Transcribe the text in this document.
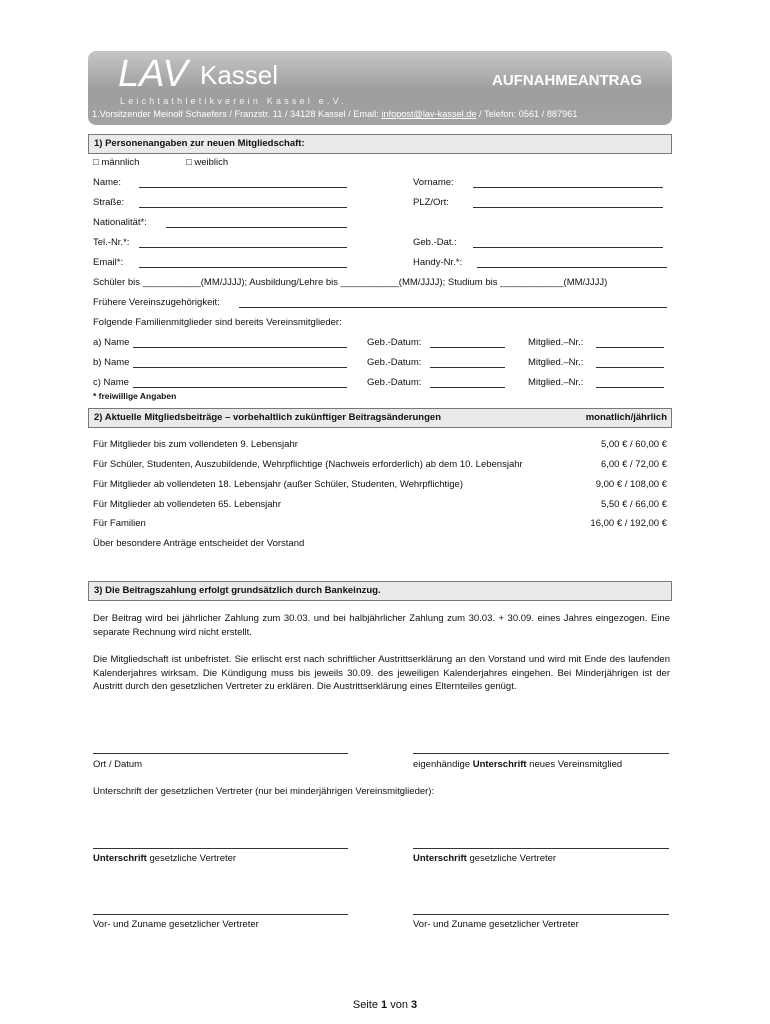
LAV Kassel
Leichtathletikverein Kassel e.V.
AUFNAHMEANTRAG
1.Vorsitzender Meinolf Schaefers / Franzstr. 11 / 34128 Kassel / Email: infopost@lav-kassel.de / Telefon: 0561 / 887961
1) Personenangaben zur neuen Mitgliedschaft:
□ männlich	□ weiblich
Name:	Vorname:
Straße:	PLZ/Ort:
Nationalität*:
Tel.-Nr.*:	Geb.-Dat.:
Email*:	Handy-Nr.*:
Schüler bis ___________(MM/JJJJ); Ausbildung/Lehre bis ___________(MM/JJJJ); Studium bis ____________(MM/JJJJ)
Frühere Vereinszugehörigkeit:
Folgende Familienmitglieder sind bereits Vereinsmitglieder:
a) Name	Geb.-Datum:	Mitglied.–Nr.:
b) Name	Geb.-Datum:	Mitglied.–Nr.:
c) Name	Geb.-Datum:	Mitglied.–Nr.:
* freiwillige Angaben
2) Aktuelle Mitgliedsbeiträge – vorbehaltlich zukünftiger Beitragsänderungen	monatlich/jährlich
Für Mitglieder bis zum vollendeten 9. Lebensjahr	5,00 € / 60,00 €
Für Schüler, Studenten, Auszubildende, Wehrpflichtige (Nachweis erforderlich) ab dem 10. Lebensjahr	6,00 € / 72,00 €
Für Mitglieder ab vollendeten 18. Lebensjahr (außer Schüler, Studenten, Wehrpflichtige)	9,00 € / 108,00 €
Für Mitglieder ab vollendeten 65. Lebensjahr	5,50 € / 66,00 €
Für Familien	16,00 € / 192,00 €
Über besondere Anträge entscheidet der Vorstand
3) Die Beitragszahlung erfolgt grundsätzlich durch Bankeinzug.
Der Beitrag wird bei jährlicher Zahlung zum 30.03. und bei halbjährlicher Zahlung zum 30.03. + 30.09. eines Jahres eingezogen. Eine separate Rechnung wird nicht erstellt.
Die Mitgliedschaft ist unbefristet. Sie erlischt erst nach schriftlicher Austrittserklärung an den Vorstand und wird mit Ende des laufenden Kalenderjahres wirksam. Die Kündigung muss bis jeweils 30.09. des jeweiligen Kalenderjahres eingehen. Bei Minderjährigen ist der Austritt durch den gesetzlichen Vertreter zu erklären. Die Austrittserklärung eines Elternteiles genügt.
Ort / Datum	eigenhändige Unterschrift neues Vereinsmitglied
Unterschrift der gesetzlichen Vertreter (nur bei minderjährigen Vereinsmitglieder):
Unterschrift gesetzliche Vertreter	Unterschrift gesetzliche Vertreter
Vor- und Zuname gesetzlicher Vertreter	Vor- und Zuname gesetzlicher Vertreter
Seite 1 von 3
